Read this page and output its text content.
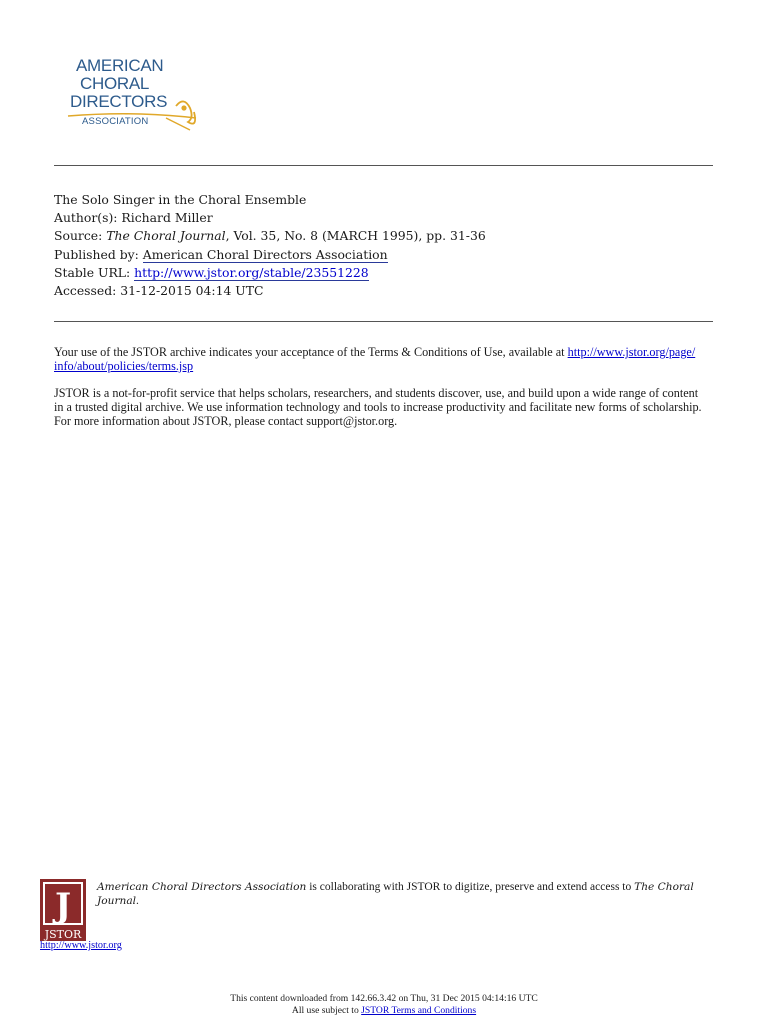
AMERICAN
CHORAL
DIRECTORS
ASSOCIATION
The Solo Singer in the Choral Ensemble
Author(s): Richard Miller
Source: The Choral Journal, Vol. 35, No. 8 (MARCH 1995), pp. 31-36
Published by: American Choral Directors Association
Stable URL: http://www.jstor.org/stable/23551228
Accessed: 31-12-2015 04:14 UTC
Your use of the JSTOR archive indicates your acceptance of the Terms & Conditions of Use, available at http://www.jstor.org/page/
info/about/policies/terms.jsp
JSTOR is a not-for-profit service that helps scholars, researchers, and students discover, use, and build upon a wide range of content
in a trusted digital archive. We use information technology and tools to increase productivity and facilitate new forms of scholarship.
For more information about JSTOR, please contact support@jstor.org.
J
JSTOR
American Choral Directors Association is collaborating with JSTOR to digitize, preserve and extend access to The Choral
Journal.
http://www.jstor.org
This content downloaded from 142.66.3.42 on Thu, 31 Dec 2015 04:14:16 UTC
All use subject to JSTOR Terms and Conditions
